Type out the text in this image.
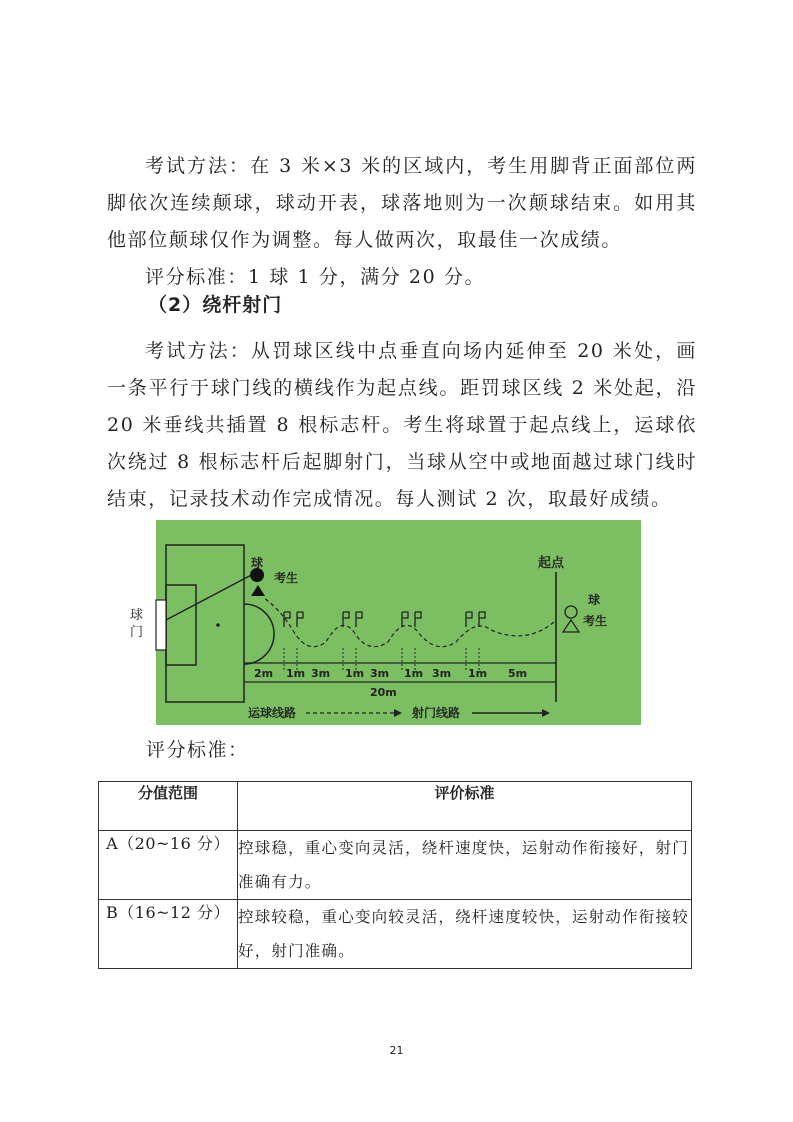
考试方法：在 3 米×3 米的区域内，考生用脚背正面部位两脚依次连续颠球，球动开表，球落地则为一次颠球结束。如用其他部位颠球仅作为调整。每人做两次，取最佳一次成绩。

评分标准：1 球 1 分，满分 20 分。

（2）绕杆射门

考试方法：从罚球区线中点垂直向场内延伸至 20 米处，画一条平行于球门线的横线作为起点线。距罚球区线 2 米处起，沿 20 米垂线共插置 8 根标志杆。考生将球置于起点线上，运球依次绕过 8 根标志杆后起脚射门，当球从空中或地面越过球门线时结束，记录技术动作完成情况。每人测试 2 次，取最好成绩。

球
门
球
考生
起点
球
考生
2m 1m 3m 1m 3m 1m 3m 1m 5m
20m
运球线路	射门线路

评分标准：

分值范围	评价标准
A（20~16 分）	控球稳，重心变向灵活，绕杆速度快，运射动作衔接好，射门准确有力。
B（16~12 分）	控球较稳，重心变向较灵活，绕杆速度较快，运射动作衔接较好，射门准确。
21
